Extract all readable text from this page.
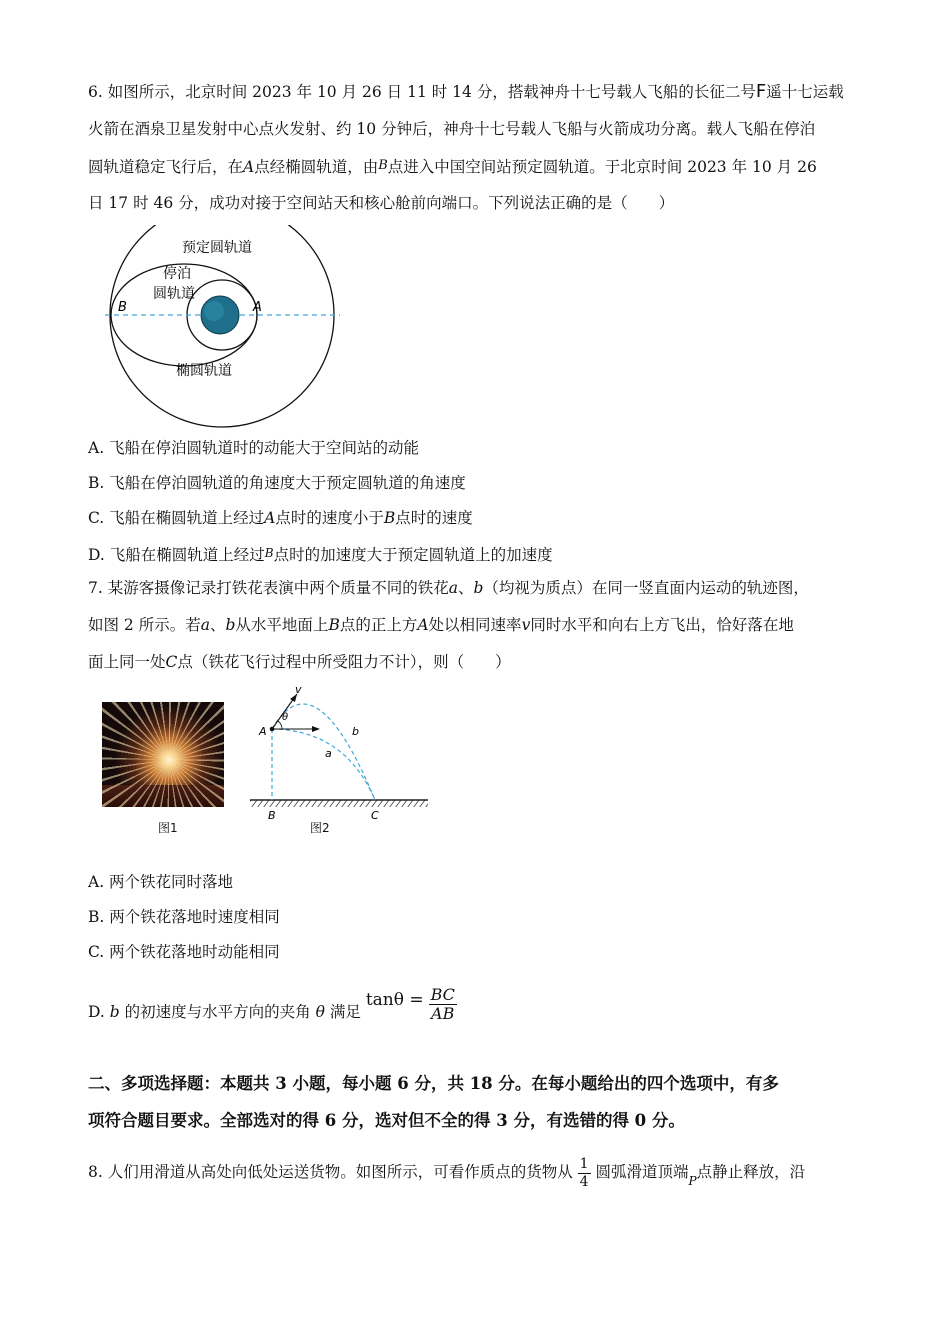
6. 如图所示，北京时间 2023 年 10 月 26 日 11 时 14 分，搭载神舟十七号载人飞船的长征二号F遥十七运载
火箭在酒泉卫星发射中心点火发射、约 10 分钟后，神舟十七号载人飞船与火箭成功分离。载人飞船在停泊
圆轨道稳定飞行后，在A点经椭圆轨道，由B点进入中国空间站预定圆轨道。于北京时间 2023 年 10 月 26
日 17 时 46 分，成功对接于空间站天和核心舱前向端口。下列说法正确的是（　　）
预定圆轨道
停泊
圆轨道
椭圆轨道
B	A
A. 飞船在停泊圆轨道时的动能大于空间站的动能
B. 飞船在停泊圆轨道的角速度大于预定圆轨道的角速度
C. 飞船在椭圆轨道上经过A点时的速度小于B点时的速度
D. 飞船在椭圆轨道上经过B点时的加速度大于预定圆轨道上的加速度
7. 某游客摄像记录打铁花表演中两个质量不同的铁花a、b（均视为质点）在同一竖直面内运动的轨迹图，
如图 2 所示。若a、b从水平地面上B点的正上方A处以相同速率v同时水平和向右上方飞出，恰好落在地
面上同一处C点（铁花飞行过程中所受阻力不计），则（　　）
图1
v
θ
A
B	C
a
b
图2
A. 两个铁花同时落地
B. 两个铁花落地时速度相同
C. 两个铁花落地时动能相同
D. b 的初速度与水平方向的夹角 θ 满足 $\tan\theta = \frac{BC}{AB}$
二、多项选择题：本题共 3 小题，每小题 6 分，共 18 分。在每小题给出的四个选项中，有多
项符合题目要求。全部选对的得 6 分，选对但不全的得 3 分，有选错的得 0 分。
8. 人们用滑道从高处向低处运送货物。如图所示，可看作质点的货物从 $\frac{1}{4}$ 圆弧滑道顶端$_P$点静止释放，沿
